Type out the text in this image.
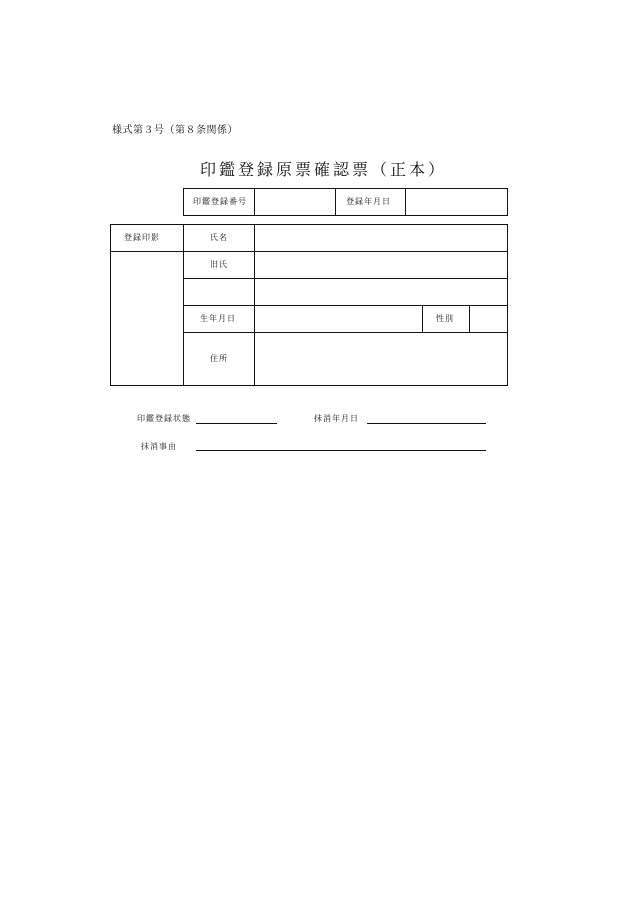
様式第３号（第８条関係）
印鑑登録原票確認票（正本）
印鑑登録番号	登録年月日
登録印影	氏名
旧氏
生年月日	性別
住所
印鑑登録状態	抹消年月日
抹消事由
